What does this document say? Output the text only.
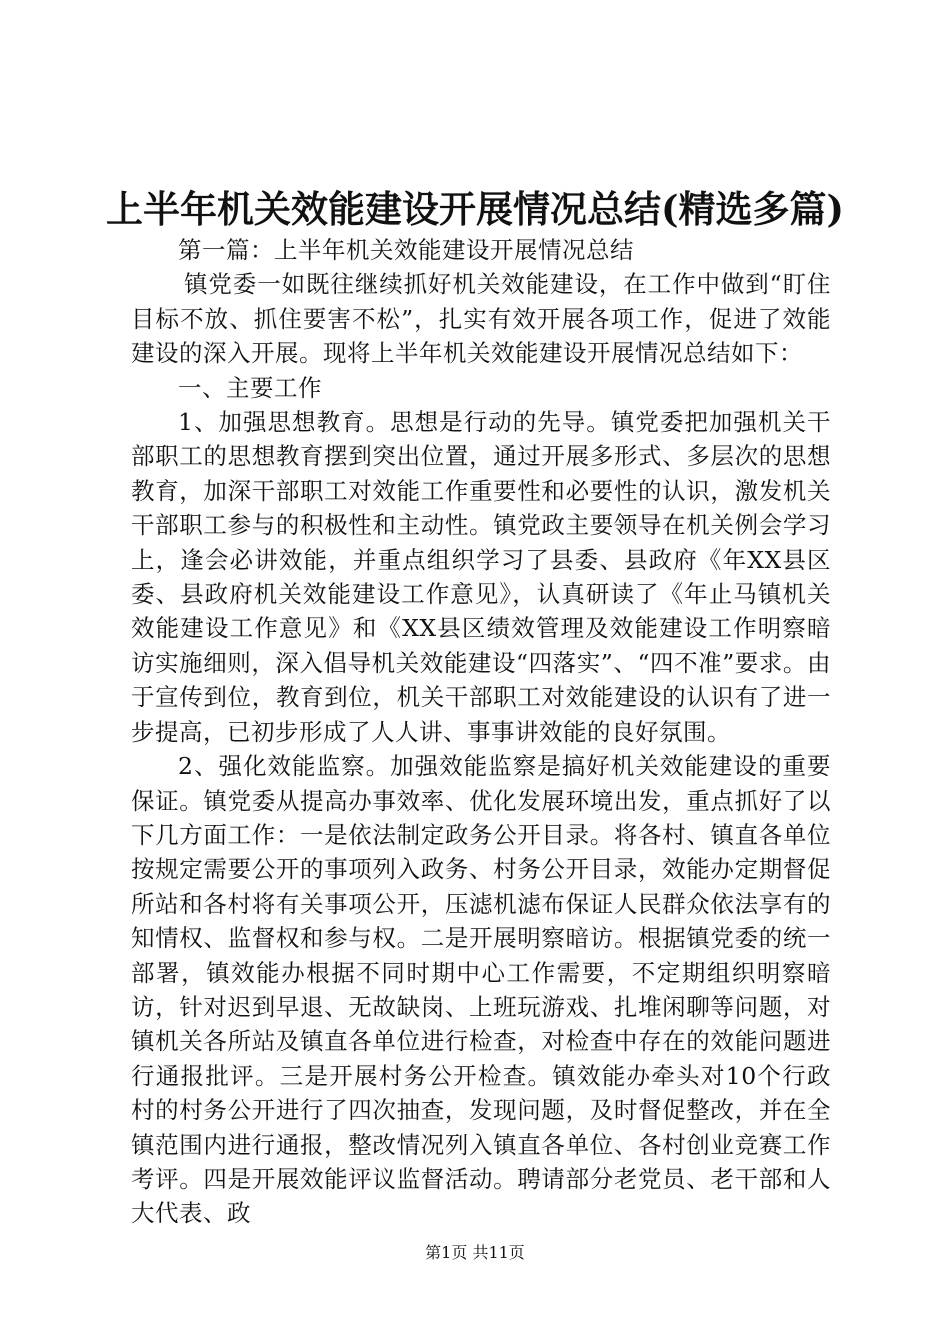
上半年机关效能建设开展情况总结(精选多篇)

第一篇：上半年机关效能建设开展情况总结

镇党委一如既往继续抓好机关效能建设，在工作中做到“盯住目标不放、抓住要害不松”，扎实有效开展各项工作，促进了效能建设的深入开展。现将上半年机关效能建设开展情况总结如下：

一、主要工作

1、加强思想教育。思想是行动的先导。镇党委把加强机关干部职工的思想教育摆到突出位置，通过开展多形式、多层次的思想教育，加深干部职工对效能工作重要性和必要性的认识，激发机关干部职工参与的积极性和主动性。镇党政主要领导在机关例会学习上，逢会必讲效能，并重点组织学习了县委、县政府《年XX县区委、县政府机关效能建设工作意见》，认真研读了《年止马镇机关效能建设工作意见》和《XX县区绩效管理及效能建设工作明察暗访实施细则，深入倡导机关效能建设“四落实”、“四不准”要求。由于宣传到位，教育到位，机关干部职工对效能建设的认识有了进一步提高，已初步形成了人人讲、事事讲效能的良好氛围。

2、强化效能监察。加强效能监察是搞好机关效能建设的重要保证。镇党委从提高办事效率、优化发展环境出发，重点抓好了以下几方面工作：一是依法制定政务公开目录。将各村、镇直各单位按规定需要公开的事项列入政务、村务公开目录，效能办定期督促所站和各村将有关事项公开，压滤机滤布保证人民群众依法享有的知情权、监督权和参与权。二是开展明察暗访。根据镇党委的统一部署，镇效能办根据不同时期中心工作需要，不定期组织明察暗访，针对迟到早退、无故缺岗、上班玩游戏、扎堆闲聊等问题，对镇机关各所站及镇直各单位进行检查，对检查中存在的效能问题进行通报批评。三是开展村务公开检查。镇效能办牵头对10个行政村的村务公开进行了四次抽查，发现问题，及时督促整改，并在全镇范围内进行通报，整改情况列入镇直各单位、各村创业竞赛工作考评。四是开展效能评议监督活动。聘请部分老党员、老干部和人大代表、政

第1页 共11页
